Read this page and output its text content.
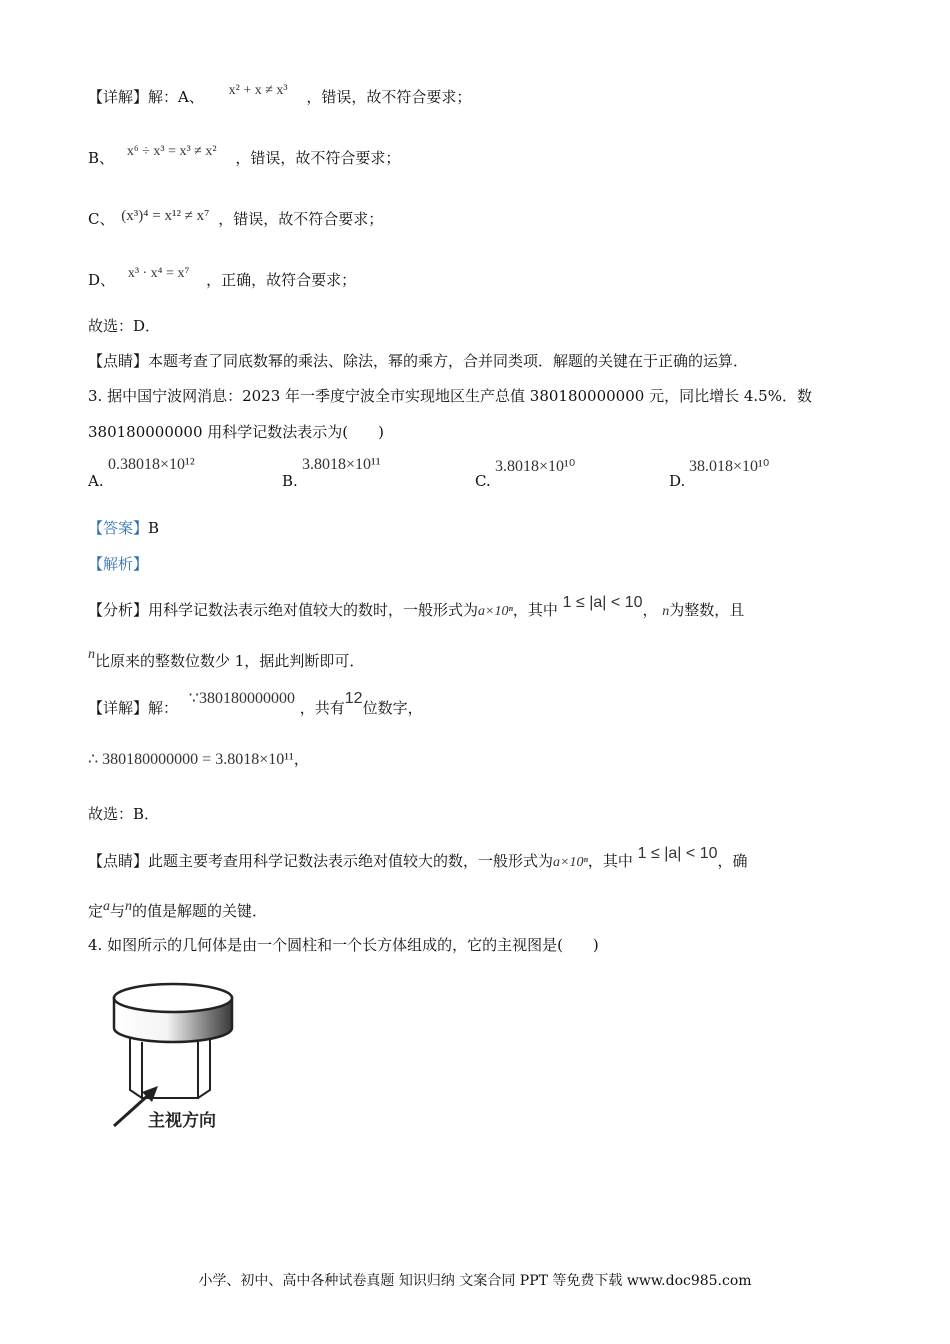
【详解】解：A、 x² + x ≠ x³ ，错误，故不符合要求；
B、 x⁶ ÷ x³ = x³ ≠ x² ，错误，故不符合要求；
C、 (x³)⁴ = x¹² ≠ x⁷ ，错误，故不符合要求；
D、 x³ · x⁴ = x⁷ ，正确，故符合要求；
故选：D．
【点睛】本题考查了同底数幂的乘法、除法，幂的乘方，合并同类项．解题的关键在于正确的运算．
3. 据中国宁波网消息：2023 年一季度宁波全市实现地区生产总值 380180000000 元，同比增长 4.5%．数
380180000000 用科学记数法表示为(　　)
A.
0.38018×10¹²
B.
3.8018×10¹¹
C.
3.8018×10¹⁰
D.
38.018×10¹⁰
【答案】B
【解析】
【分析】用科学记数法表示绝对值较大的数时，一般形式为a×10ⁿ，其中 1 ≤ |a| < 10， n为整数，且
n比原来的整数位数少 1，据此判断即可．
【详解】解： ∵380180000000 ，共有12位数字，
∴ 380180000000 = 3.8018×10¹¹，
故选：B．
【点睛】此题主要考查用科学记数法表示绝对值较大的数，一般形式为a×10ⁿ，其中 1 ≤ |a| < 10，确
定a与n的值是解题的关键．
4. 如图所示的几何体是由一个圆柱和一个长方体组成的，它的主视图是(　　)
主视方向
小学、初中、高中各种试卷真题 知识归纳 文案合同 PPT 等免费下载 www.doc985.com
